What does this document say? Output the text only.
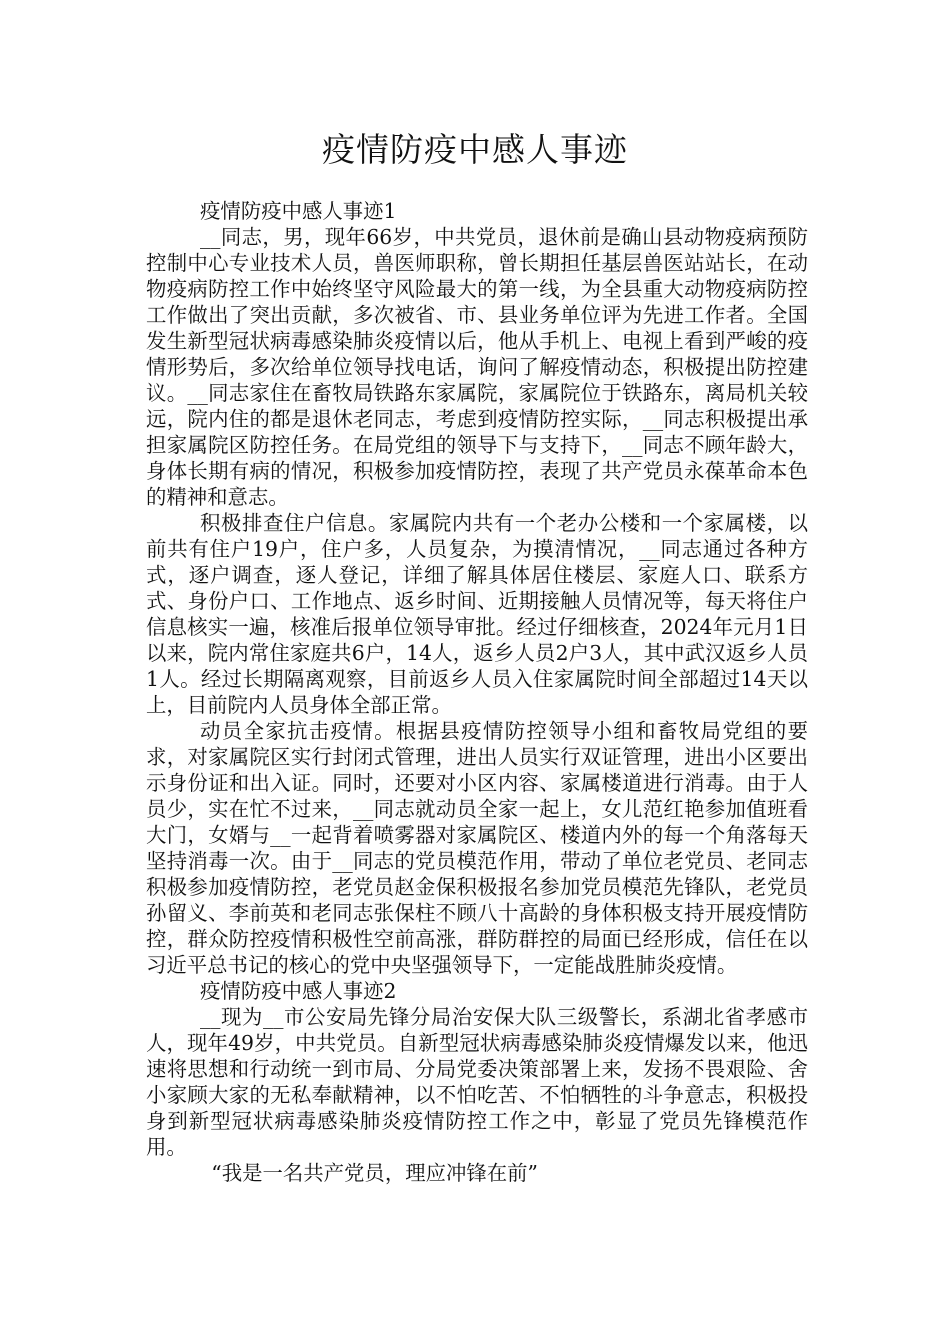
疫情防疫中感人事迹

疫情防疫中感人事迹1

__同志，男，现年66岁，中共党员，退休前是确山县动物疫病预防控制中心专业技术人员，兽医师职称，曾长期担任基层兽医站站长，在动物疫病防控工作中始终坚守风险最大的第一线，为全县重大动物疫病防控工作做出了突出贡献，多次被省、市、县业务单位评为先进工作者。全国发生新型冠状病毒感染肺炎疫情以后，他从手机上、电视上看到严峻的疫情形势后，多次给单位领导找电话，询问了解疫情动态，积极提出防控建议。__同志家住在畜牧局铁路东家属院，家属院位于铁路东，离局机关较远，院内住的都是退休老同志，考虑到疫情防控实际，__同志积极提出承担家属院区防控任务。在局党组的领导下与支持下，__同志不顾年龄大，身体长期有病的情况，积极参加疫情防控，表现了共产党员永葆革命本色的精神和意志。

积极排查住户信息。家属院内共有一个老办公楼和一个家属楼，以前共有住户19户，住户多，人员复杂，为摸清情况，__同志通过各种方式，逐户调查，逐人登记，详细了解具体居住楼层、家庭人口、联系方式、身份户口、工作地点、返乡时间、近期接触人员情况等，每天将住户信息核实一遍，核准后报单位领导审批。经过仔细核查，2024年元月1日以来，院内常住家庭共6户，14人，返乡人员2户3人，其中武汉返乡人员1人。经过长期隔离观察，目前返乡人员入住家属院时间全部超过14天以上，目前院内人员身体全部正常。

动员全家抗击疫情。根据县疫情防控领导小组和畜牧局党组的要求，对家属院区实行封闭式管理，进出人员实行双证管理，进出小区要出示身份证和出入证。同时，还要对小区内容、家属楼道进行消毒。由于人员少，实在忙不过来，__同志就动员全家一起上，女儿范红艳参加值班看大门，女婿与__一起背着喷雾器对家属院区、楼道内外的每一个角落每天坚持消毒一次。由于__同志的党员模范作用，带动了单位老党员、老同志积极参加疫情防控，老党员赵金保积极报名参加党员模范先锋队，老党员孙留义、李前英和老同志张保柱不顾八十高龄的身体积极支持开展疫情防控，群众防控疫情积极性空前高涨，群防群控的局面已经形成，信任在以习近平总书记的核心的党中央坚强领导下，一定能战胜肺炎疫情。

疫情防疫中感人事迹2

__现为__市公安局先锋分局治安保大队三级警长，系湖北省孝感市人，现年49岁，中共党员。自新型冠状病毒感染肺炎疫情爆发以来，他迅速将思想和行动统一到市局、分局党委决策部署上来，发扬不畏艰险、舍小家顾大家的无私奉献精神，以不怕吃苦、不怕牺牲的斗争意志，积极投身到新型冠状病毒感染肺炎疫情防控工作之中，彰显了党员先锋模范作用。

“我是一名共产党员，理应冲锋在前”
